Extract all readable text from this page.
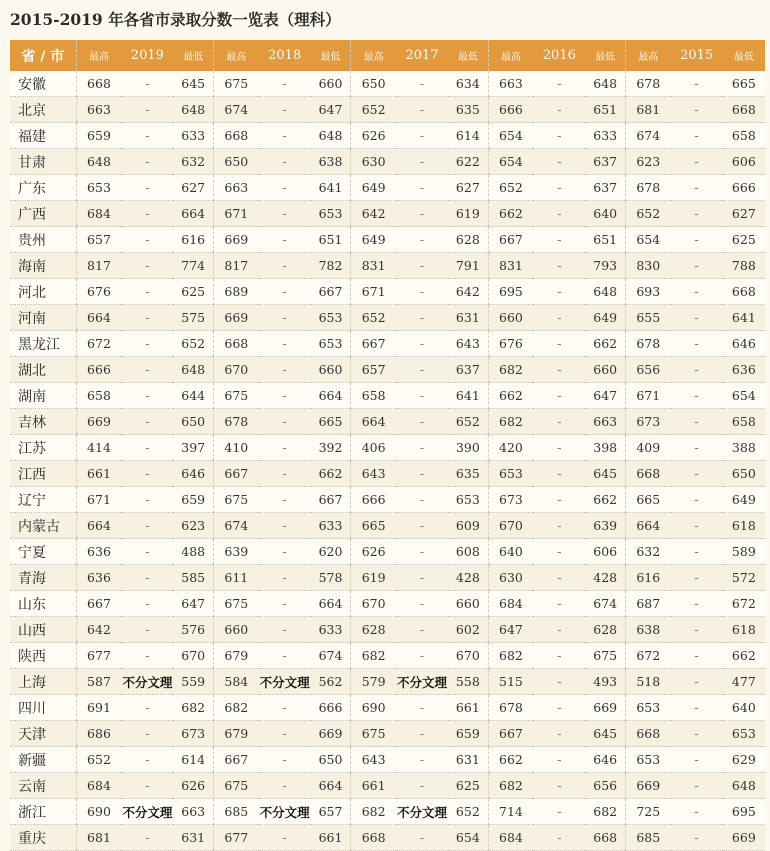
2015-2019 年各省市录取分数一览表（理科）
省 / 市	最高	2019	最低	最高	2018	最低	最高	2017	最低	最高	2016	最低	最高	2015	最低
安徽	668	-	645	675	-	660	650	-	634	663	-	648	678	-	665
北京	663	-	648	674	-	647	652	-	635	666	-	651	681	-	668
福建	659	-	633	668	-	648	626	-	614	654	-	633	674	-	658
甘肃	648	-	632	650	-	638	630	-	622	654	-	637	623	-	606
广东	653	-	627	663	-	641	649	-	627	652	-	637	678	-	666
广西	684	-	664	671	-	653	642	-	619	662	-	640	652	-	627
贵州	657	-	616	669	-	651	649	-	628	667	-	651	654	-	625
海南	817	-	774	817	-	782	831	-	791	831	-	793	830	-	788
河北	676	-	625	689	-	667	671	-	642	695	-	648	693	-	668
河南	664	-	575	669	-	653	652	-	631	660	-	649	655	-	641
黑龙江	672	-	652	668	-	653	667	-	643	676	-	662	678	-	646
湖北	666	-	648	670	-	660	657	-	637	682	-	660	656	-	636
湖南	658	-	644	675	-	664	658	-	641	662	-	647	671	-	654
吉林	669	-	650	678	-	665	664	-	652	682	-	663	673	-	658
江苏	414	-	397	410	-	392	406	-	390	420	-	398	409	-	388
江西	661	-	646	667	-	662	643	-	635	653	-	645	668	-	650
辽宁	671	-	659	675	-	667	666	-	653	673	-	662	665	-	649
内蒙古	664	-	623	674	-	633	665	-	609	670	-	639	664	-	618
宁夏	636	-	488	639	-	620	626	-	608	640	-	606	632	-	589
青海	636	-	585	611	-	578	619	-	428	630	-	428	616	-	572
山东	667	-	647	675	-	664	670	-	660	684	-	674	687	-	672
山西	642	-	576	660	-	633	628	-	602	647	-	628	638	-	618
陕西	677	-	670	679	-	674	682	-	670	682	-	675	672	-	662
上海	587	不分文理	559	584	不分文理	562	579	不分文理	558	515	-	493	518	-	477
四川	691	-	682	682	-	666	690	-	661	678	-	669	653	-	640
天津	686	-	673	679	-	669	675	-	659	667	-	645	668	-	653
新疆	652	-	614	667	-	650	643	-	631	662	-	646	653	-	629
云南	684	-	626	675	-	664	661	-	625	682	-	656	669	-	648
浙江	690	不分文理	663	685	不分文理	657	682	不分文理	652	714	-	682	725	-	695
重庆	681	-	631	677	-	661	668	-	654	684	-	668	685	-	669
